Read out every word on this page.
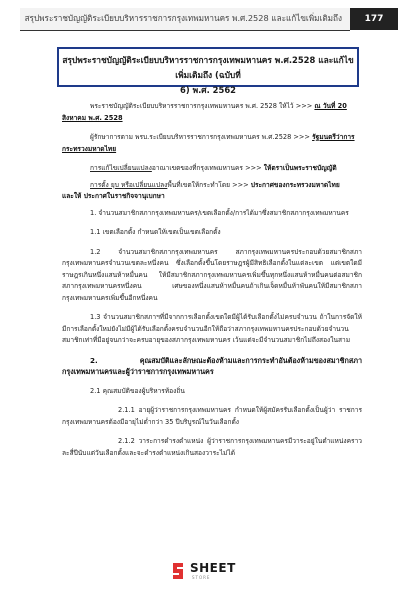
สรุปพระราชบัญญัติระเบียบบริหารราชการกรุงเทพมหานคร พ.ศ.2528 และแก้ไขเพิ่มเติมถึง	177
สรุปพระราชบัญญัติระเบียบบริหารราชการกรุงเทพมหานคร พ.ศ.2528 และแก้ไขเพิ่มเติมถึง (ฉบับที่
6) พ.ศ. 2562

พระราชบัญญัติระเบียบบริหารราชการกรุงเทพมหานคร พ.ศ. 2528 ให้ไว้ >>> ณ วันที่ 20
สิงหาคม พ.ศ. 2528

ผู้รักษาการตาม พรบ.ระเบียบบริหารราชการกรุงเทพมหานคร พ.ศ.2528 >>> รัฐมนตรีว่าการ
กระทรวงมหาดไทย

การแก้ไขเปลี่ยนแปลงอาณาเขตของที่กรุงเทพมหานคร >>> ให้ตราเป็นพระราชบัญญัติ

การตั้ง ยุบ หรือเปลี่ยนแปลงพื้นที่เขตให้กระทำโดย >>> ประกาศของกระทรวงมหาดไทย
และให้ ประกาศในราชกิจจานุเบกษา

1. จำนวนสมาชิกสภากรุงเทพมหานคร/เขตเลือกตั้ง/การได้มาซึ่งสมาชิกสภากรุงเทพมหานคร

1.1 เขตเลือกตั้ง กำหนดให้เขตเป็นเขตเลือกตั้ง

1.2 จำนวนสมาชิกสภากรุงเทพมหานคร สภากรุงเทพมหานครประกอบด้วยสมาชิกสภากรุงเทพมหานครจำนวนเขตละหนึ่งคน ซึ่งเลือกตั้งขึ้นโดยราษฎรผู้มีสิทธิเลือกตั้งในแต่ละเขต แต่เขตใดมีราษฎรเกินหนึ่งแสนห้าหมื่นคน ให้มีสมาชิกสภากรุงเทพมหานครเพิ่มขึ้นทุกหนึ่งแสนห้าหมื่นคนต่อสมาชิกสภากรุงเทพมหานครหนึ่งคน เศษของหนึ่งแสนห้าหมื่นคนถ้าเกินเจ็ดหมื่นห้าพันคนให้มีสมาชิกสภากรุงเทพมหานครเพิ่มขึ้นอีกหนึ่งคน

1.3 จำนวนสมาชิกสภาฯที่มีจากการเลือกตั้งเขตใดมีผู้ได้รับเลือกตั้งไม่ครบจำนวน ถ้าในการจัดให้มีการเลือกตั้งใหม่ยังไม่มีผู้ได้รับเลือกตั้งครบจำนวนอีกให้ถือว่าสภากรุงเทพมหานครประกอบด้วยจำนวนสมาชิกเท่าที่มีอยู่จนกว่าจะครบอายุของสภากรุงเทพมหานคร เว้นแต่จะมีจำนวนสมาชิกไม่ถึงสองในสาม

2. คุณสมบัติและลักษณะต้องห้ามและการกระทำอันต้องห้ามของสมาชิกสภากรุงเทพมหานครและผู้ว่าราชการกรุงเทพมหานคร

2.1 คุณสมบัติของผู้บริหารท้องถิ่น

2.1.1 อายุผู้ว่าราชการกรุงเทพมหานคร กำหนดให้ผู้สมัครรับเลือกตั้งเป็นผู้ว่า ราชการกรุงเทพมหานครต้องมีอายุไม่ต่ำกว่า 35 ปีบริบูรณ์ในวันเลือกตั้ง

2.1.2 วาระการดำรงตำแหน่ง ผู้ว่าราชการกรุงเทพมหานครมีวาระอยู่ในตำแหน่งคราวละสี่ปีนับแต่วันเลือกตั้งและจะดำรงตำแหน่งเกินสองวาระไม่ได้

SHEET
STORE
